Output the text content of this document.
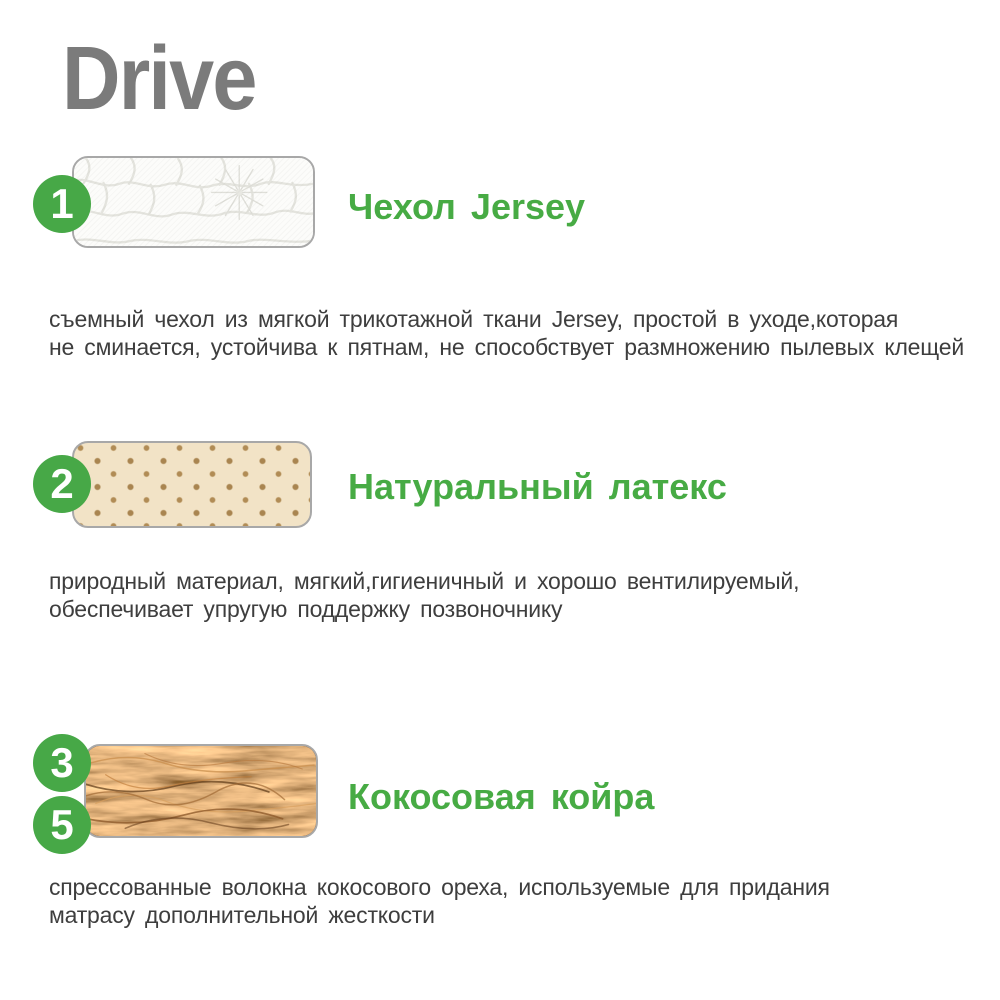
Drive
1	Чехол Jersey

съемный чехол из мягкой трикотажной ткани Jersey, простой в уходе,которая
не сминается, устойчива к пятнам, не способствует размножению пылевых клещей

2	Натуральный латекс

природный материал, мягкий,гигиеничный и хорошо вентилируемый,
обеспечивает упругую поддержку позвоночнику

3
5
Кокосовая койра

спрессованные волокна кокосового ореха, используемые для придания
матрасу дополнительной жесткости
